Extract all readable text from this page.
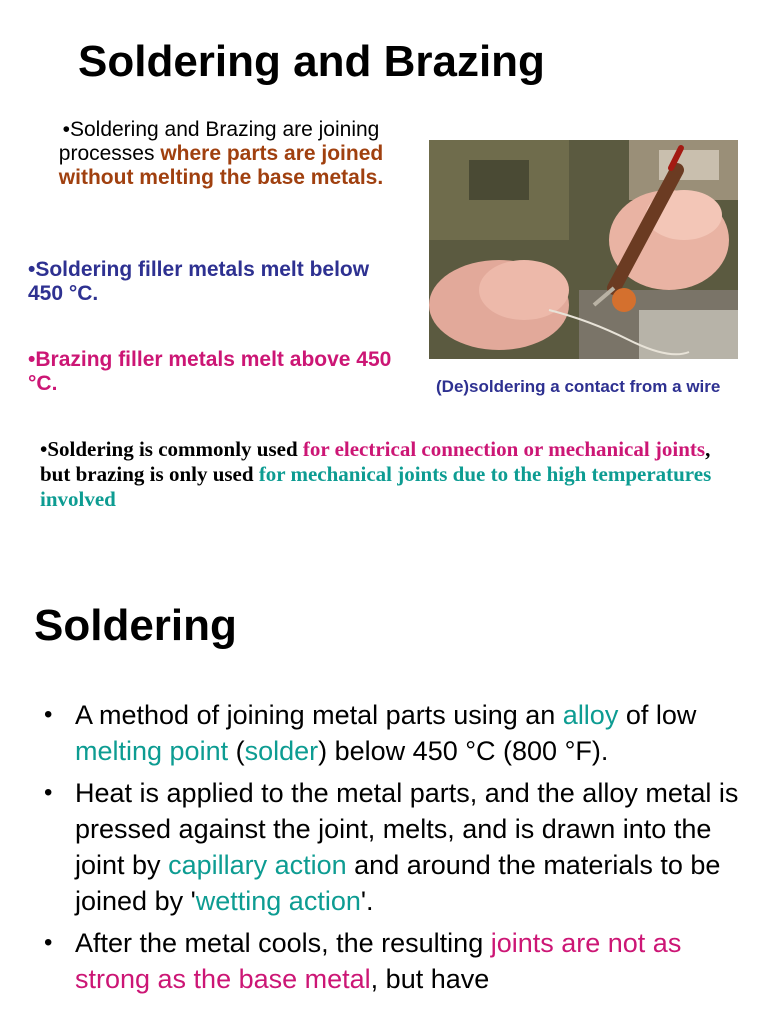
Soldering and Brazing
•Soldering and Brazing are joining processes where parts are joined without melting the base metals.
•Soldering filler metals melt below 450 °C.
•Brazing filler metals melt above 450 °C.	(De)soldering a contact from a wire
•Soldering is commonly used for electrical connection or mechanical joints, but brazing is only used for mechanical joints due to the high temperatures involved
Soldering
• A method of joining metal parts using an alloy of low melting point (solder) below 450 °C (800 °F).
• Heat is applied to the metal parts, and the alloy metal is pressed against the joint, melts, and is drawn into the joint by capillary action and around the materials to be joined by 'wetting action'.
• After the metal cools, the resulting joints are not as strong as the base metal, but have
